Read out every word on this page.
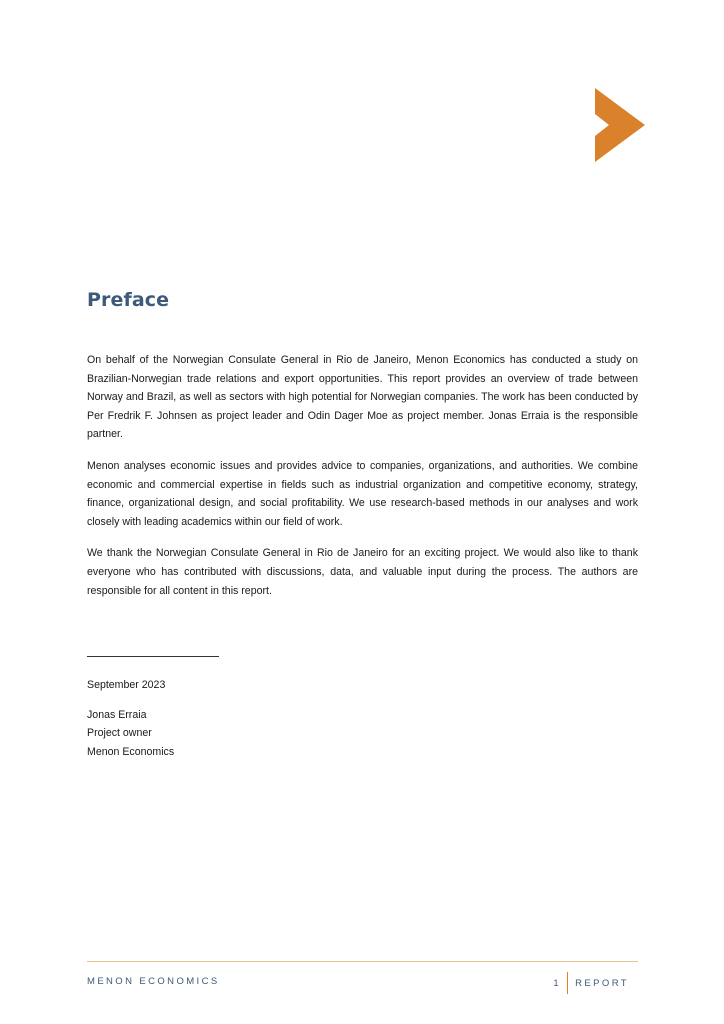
Preface

On behalf of the Norwegian Consulate General in Rio de Janeiro, Menon Economics has conducted a study on Brazilian-Norwegian trade relations and export opportunities. This report provides an overview of trade between Norway and Brazil, as well as sectors with high potential for Norwegian companies. The work has been conducted by Per Fredrik F. Johnsen as project leader and Odin Dager Moe as project member. Jonas Erraia is the responsible partner.

Menon analyses economic issues and provides advice to companies, organizations, and authorities. We combine economic and commercial expertise in fields such as industrial organization and competitive economy, strategy, finance, organizational design, and social profitability. We use research-based methods in our analyses and work closely with leading academics within our field of work.

We thank the Norwegian Consulate General in Rio de Janeiro for an exciting project. We would also like to thank everyone who has contributed with discussions, data, and valuable input during the process. The authors are responsible for all content in this report.

September 2023
Jonas Erraia
Project owner
Menon Economics
MENON ECONOMICS	1	REPORT
